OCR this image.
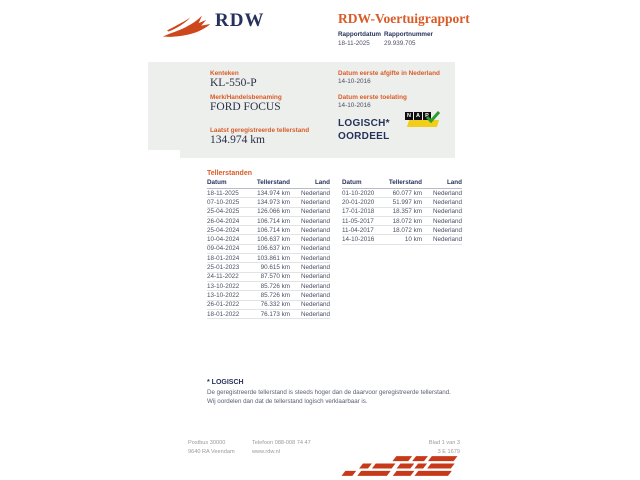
RDW	RDW-Voertuigrapport
Rapportdatum
18-11-2025
Rapportnummer
29.939.705
Kenteken
KL-550-P
Merk/Handelsbenaming
FORD FOCUS
Laatst geregistreerde tellerstand
134.974 km
Datum eerste afgifte in Nederland
14-10-2016
Datum eerste toelating
14-10-2016
LOGISCH*
OORDEEL
N A P
Tellerstanden
Datum	Tellerstand	Land
18-11-2025	134.974 km	Nederland
07-10-2025	134.973 km	Nederland
25-04-2025	126.066 km	Nederland
26-04-2024	106.714 km	Nederland
25-04-2024	106.714 km	Nederland
10-04-2024	106.637 km	Nederland
09-04-2024	106.637 km	Nederland
18-01-2024	103.861 km	Nederland
25-01-2023	90.615 km	Nederland
24-11-2022	87.570 km	Nederland
13-10-2022	85.726 km	Nederland
13-10-2022	85.726 km	Nederland
26-01-2022	76.332 km	Nederland
18-01-2022	76.173 km	Nederland
Datum	Tellerstand	Land
01-10-2020	60.077 km	Nederland
20-01-2020	51.997 km	Nederland
17-01-2018	18.357 km	Nederland
11-05-2017	18.072 km	Nederland
11-04-2017	18.072 km	Nederland
14-10-2016	10 km	Nederland
* LOGISCH
De geregistreerde tellerstand is steeds hoger dan de daarvoor geregistreerde tellerstand. Wij oordelen dan dat de tellerstand logisch verklaarbaar is.
Postbus 30000
9640 RA Veendam
Telefoon 088-008 74 47
www.rdw.nl
Blad 1 van 3
3 E 1679
